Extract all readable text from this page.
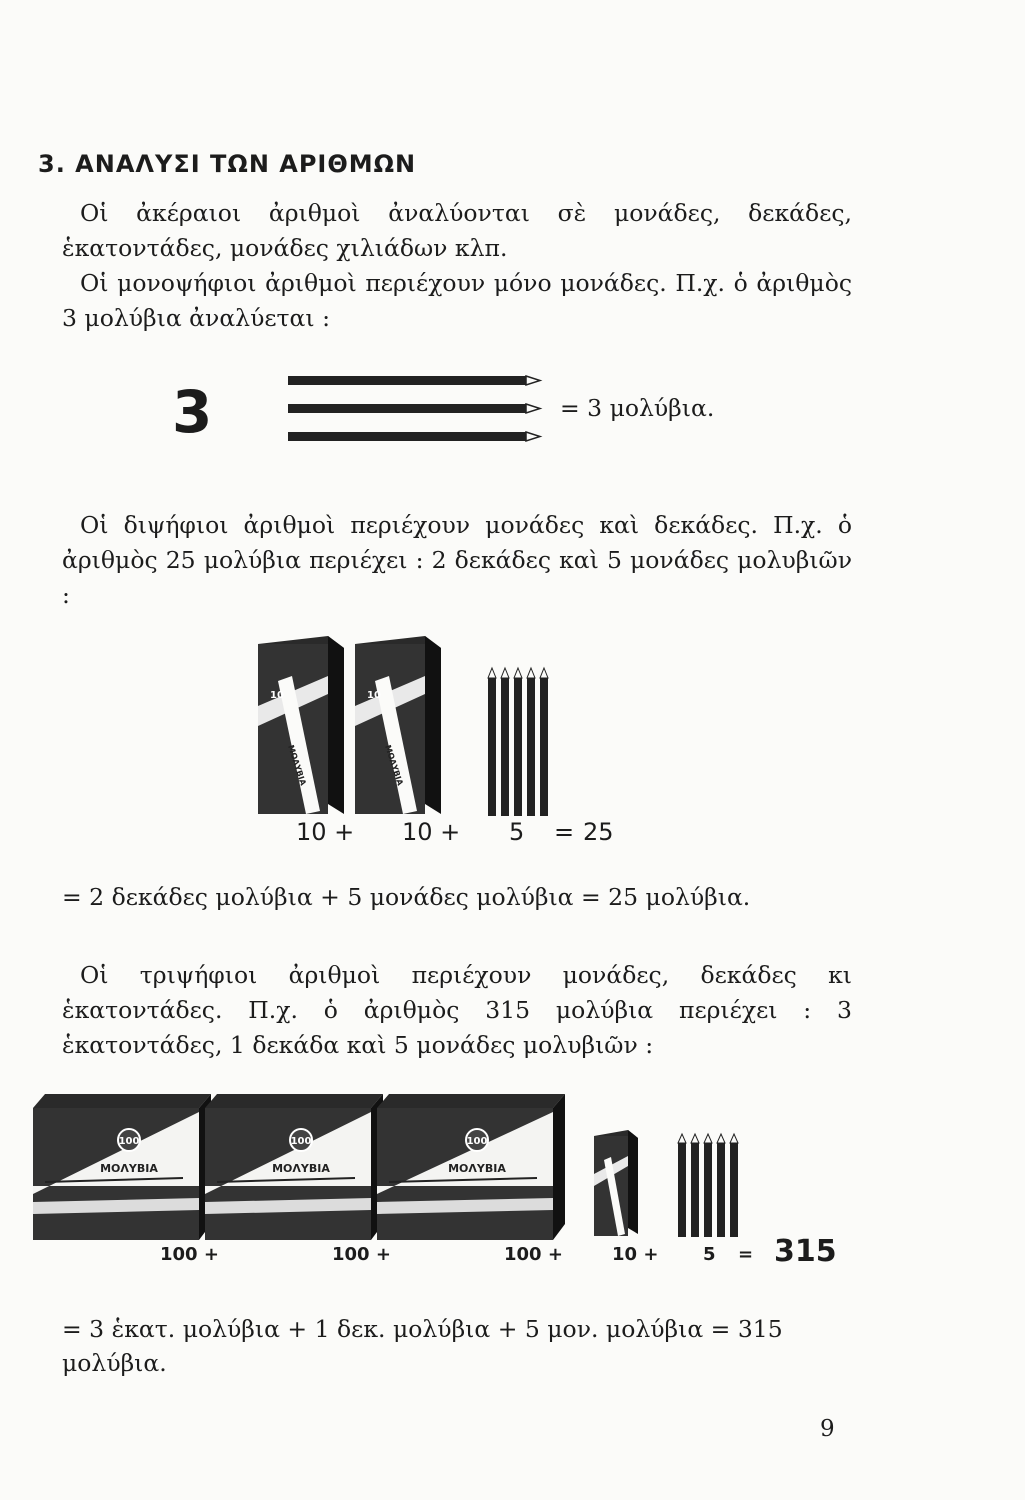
3. ΑΝΑΛΥΣΙ ΤΩΝ ΑΡΙΘΜΩΝ

Οἱ ἀκέραιοι ἀριθμοὶ ἀναλύονται σὲ μονάδες, δεκάδες, ἑκατοντάδες, μονάδες χιλιάδων κλπ.

Οἱ μονοψήφιοι ἀριθμοὶ περιέχουν μόνο μονάδες. Π.χ. ὁ ἀριθμὸς 3 μολύβια ἀναλύεται :

3	= 3 μολύβια.

Οἱ διψήφιοι ἀριθμοὶ περιέχουν μονάδες καὶ δεκάδες. Π.χ. ὁ ἀριθμὸς 25 μολύβια περιέχει : 2 δεκάδες καὶ 5 μονάδες μολυβιῶν :

10
ΜΟΛΥΒΙΑ
10
ΜΟΛΥΒΙΑ
10 + 10 + 5 = 25

= 2 δεκάδες μολύβια + 5 μονάδες μολύβια = 25 μολύβια.

Οἱ τριψήφιοι ἀριθμοὶ περιέχουν μονάδες, δεκάδες κι ἑκατοντάδες. Π.χ. ὁ ἀριθμὸς 315 μολύβια περιέχει : 3 ἑκατοντάδες, 1 δεκάδα καὶ 5 μονάδες μολυβιῶν :

100
ΜΟΛΥΒΙΑ
100
ΜΟΛΥΒΙΑ
100
ΜΟΛΥΒΙΑ
100 +	100 +	100 +	10 + 5 = 315

= 3 ἑκατ. μολύβια + 1 δεκ. μολύβια + 5 μον. μολύβια = 315

μολύβια.

9
